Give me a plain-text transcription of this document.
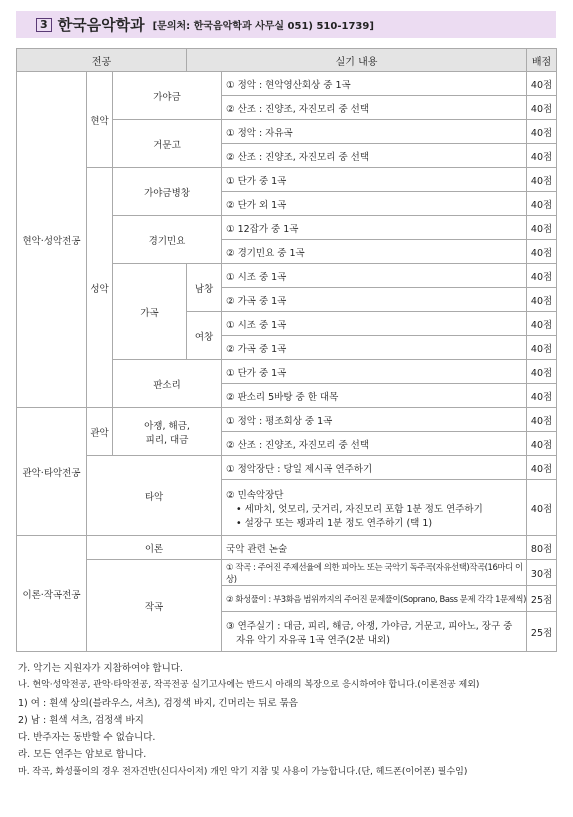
3 한국음악학과 [문의처: 한국음악학과 사무실 051) 510-1739]
전공			실기 내용		배점
현악·성악전공	현악	가야금		① 정악 : 현악영산회상 중 1곡	40점
				② 산조 : 진양조, 자진모리 중 선택	40점
		거문고		① 정악 : 자유곡	40점
				② 산조 : 진양조, 자진모리 중 선택	40점
	성악	가야금병창		① 단가 중 1곡	40점
				② 단가 외 1곡	40점
		경기민요		① 12잡가 중 1곡	40점
				② 경기민요 중 1곡	40점
		가곡	남창	① 시조 중 1곡	40점
				② 가곡 중 1곡	40점
			여창	① 시조 중 1곡	40점
				② 가곡 중 1곡	40점
		판소리		① 단가 중 1곡	40점
				② 판소리 5바탕 중 한 대목	40점
관악·타악전공	관악	아쟁, 해금,
피리, 대금		① 정악 : 평조회상 중 1곡	40점
				② 산조 : 진양조, 자진모리 중 선택	40점
	타악			① 정악장단 : 당일 제시곡 연주하기	40점

				② 민속악장단
• 세마치, 엇모리, 굿거리, 자진모리 포함 1분 정도 연주하기
• 설장구 또는 꽹과리 1분 정도 연주하기 (택 1)	40점
이론·작곡전공	이론			국악 관련 논술	80점
	작곡			① 작곡 : 주어진 주제선율에 의한 피아노 또는 국악기 독주곡(자유선택)작곡(16마디 이상)	30점
				② 화성풀이 : 부3화음 범위까지의 주어진 문제풀이(Soprano, Bass 문제 각각 1문제씩)	25점

				③ 연주실기 : 대금, 피리, 해금, 아쟁, 가야금, 거문고, 피아노, 장구 중
자유 악기 자유곡 1곡 연주(2분 내외)	25점
가. 악기는 지원자가 지참하여야 합니다.
나. 현악·성악전공, 관악·타악전공, 작곡전공 실기고사에는 반드시 아래의 복장으로 응시하여야 합니다.(이론전공 제외)
1) 여 : 흰색 상의(블라우스, 셔츠), 검정색 바지, 긴머리는 뒤로 묶음
2) 남 : 흰색 셔츠, 검정색 바지
다. 반주자는 동반할 수 없습니다.
라. 모든 연주는 암보로 합니다.
마. 작곡, 화성풀이의 경우 전자건반(신디사이저) 개인 악기 지참 및 사용이 가능합니다.(단, 헤드폰(이어폰) 필수임)
